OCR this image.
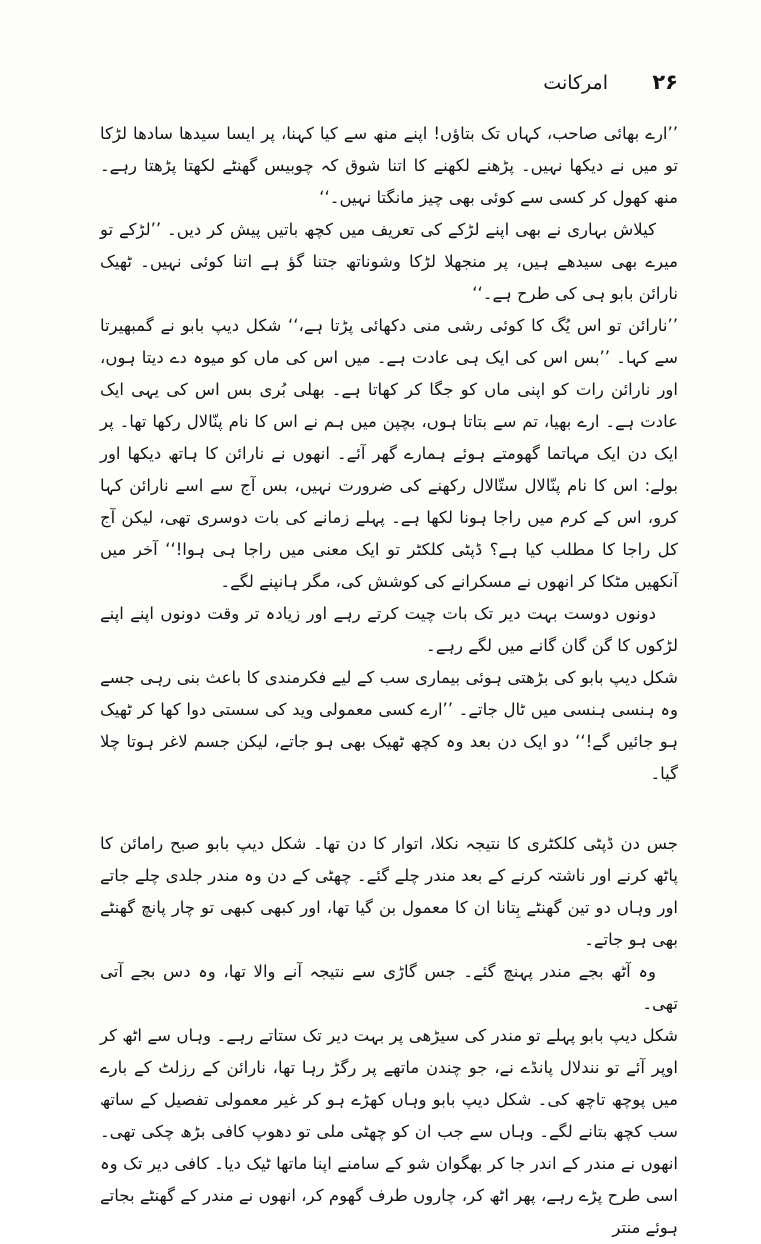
۲۶
امرکانت

’’ارے بھائی صاحب، کہاں تک بتاؤں! اپنے منھ سے کیا کہنا، پر ایسا سیدھا سادھا لڑکا تو میں نے دیکھا نہیں۔ پڑھنے لکھنے کا اتنا شوق کہ چوبیس گھنٹے لکھتا پڑھتا رہے۔ منھ کھول کر کسی سے کوئی بھی چیز مانگتا نہیں۔‘‘

کیلاش بہاری نے بھی اپنے لڑکے کی تعریف میں کچھ باتیں پیش کر دیں۔ ’’لڑکے تو میرے بھی سیدھے ہیں، پر منجھلا لڑکا وشوناتھ جتنا گؤ ہے اتنا کوئی نہیں۔ ٹھیک نارائن بابو ہی کی طرح ہے۔‘‘

’’نارائن تو اس یُگ کا کوئی رشی منی دکھائی پڑتا ہے،‘‘ شکل دیپ بابو نے گمبھیرتا سے کہا۔ ’’بس اس کی ایک ہی عادت ہے۔ میں اس کی ماں کو میوہ دے دیتا ہوں، اور نارائن رات کو اپنی ماں کو جگا کر کھاتا ہے۔ بھلی بُری بس اس کی یہی ایک عادت ہے۔ ارے بھیا، تم سے بتاتا ہوں، بچپن میں ہم نے اس کا نام پنّالال رکھا تھا۔ پر ایک دن ایک مہاتما گھومتے ہوئے ہمارے گھر آئے۔ انھوں نے نارائن کا ہاتھ دیکھا اور بولے: اس کا نام پنّالال ستّالال رکھنے کی ضرورت نہیں، بس آج سے اسے نارائن کہا کرو، اس کے کرم میں راجا ہونا لکھا ہے۔ پہلے زمانے کی بات دوسری تھی، لیکن آج کل راجا کا مطلب کیا ہے؟ ڈپٹی کلکٹر تو ایک معنی میں راجا ہی ہوا!‘‘ آخر میں آنکھیں مٹکا کر انھوں نے مسکرانے کی کوشش کی، مگر ہانپنے لگے۔

دونوں دوست بہت دیر تک بات چیت کرتے رہے اور زیادہ تر وقت دونوں اپنے اپنے لڑکوں کا گن گان گانے میں لگے رہے۔

شکل دیپ بابو کی بڑھتی ہوئی بیماری سب کے لیے فکرمندی کا باعث بنی رہی جسے وہ ہنسی ہنسی میں ٹال جاتے۔ ’’ارے کسی معمولی وید کی سستی دوا کھا کر ٹھیک ہو جائیں گے!‘‘ دو ایک دن بعد وہ کچھ ٹھیک بھی ہو جاتے، لیکن جسم لاغر ہوتا چلا گیا۔

جس دن ڈپٹی کلکٹری کا نتیجہ نکلا، اتوار کا دن تھا۔ شکل دیپ بابو صبح رامائن کا پاٹھ کرنے اور ناشتہ کرنے کے بعد مندر چلے گئے۔ چھٹی کے دن وہ مندر جلدی چلے جاتے اور وہاں دو تین گھنٹے بِتانا ان کا معمول بن گیا تھا، اور کبھی کبھی تو چار پانچ گھنٹے بھی ہو جاتے۔

وہ آٹھ بجے مندر پہنچ گئے۔ جس گاڑی سے نتیجہ آنے والا تھا، وہ دس بجے آتی تھی۔

شکل دیپ بابو پہلے تو مندر کی سیڑھی پر بہت دیر تک ستاتے رہے۔ وہاں سے اٹھ کر اوپر آئے تو نندلال پانڈے نے، جو چندن ماتھے پر رگڑ رہا تھا، نارائن کے رزلٹ کے بارے میں پوچھ تاچھ کی۔ شکل دیپ بابو وہاں کھڑے ہو کر غیر معمولی تفصیل کے ساتھ سب کچھ بتانے لگے۔ وہاں سے جب ان کو چھٹی ملی تو دھوپ کافی بڑھ چکی تھی۔ انھوں نے مندر کے اندر جا کر بھگوان شو کے سامنے اپنا ماتھا ٹیک دیا۔ کافی دیر تک وہ اسی طرح پڑے رہے، پھر اٹھ کر، چاروں طرف گھوم کر، انھوں نے مندر کے گھنٹے بجاتے ہوئے منتر
